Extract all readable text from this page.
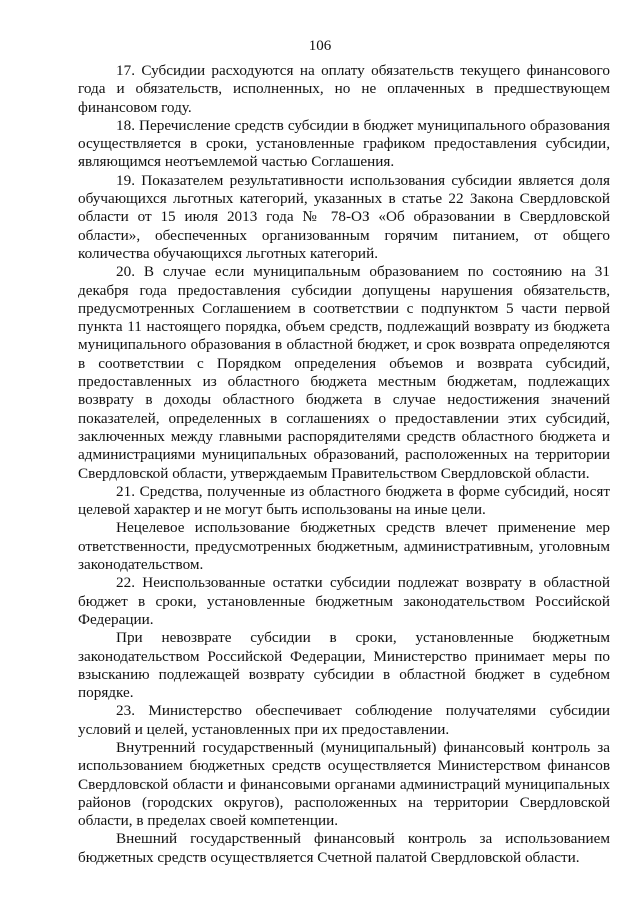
106

17. Субсидии расходуются на оплату обязательств текущего финансового года и обязательств, исполненных, но не оплаченных в предшествующем финансовом году.

18. Перечисление средств субсидии в бюджет муниципального образования осуществляется в сроки, установленные графиком предоставления субсидии, являющимся неотъемлемой частью Соглашения.

19. Показателем результативности использования субсидии является доля обучающихся льготных категорий, указанных в статье 22 Закона Свердловской области от 15 июля 2013 года № 78-ОЗ «Об образовании в Свердловской области», обеспеченных организованным горячим питанием, от общего количества обучающихся льготных категорий.

20. В случае если муниципальным образованием по состоянию на 31 декабря года предоставления субсидии допущены нарушения обязательств, предусмотренных Соглашением в соответствии с подпунктом 5 части первой пункта 11 настоящего порядка, объем средств, подлежащий возврату из бюджета муниципального образования в областной бюджет, и срок возврата определяются в соответствии с Порядком определения объемов и возврата субсидий, предоставленных из областного бюджета местным бюджетам, подлежащих возврату в доходы областного бюджета в случае недостижения значений показателей, определенных в соглашениях о предоставлении этих субсидий, заключенных между главными распорядителями средств областного бюджета и администрациями муниципальных образований, расположенных на территории Свердловской области, утверждаемым Правительством Свердловской области.

21. Средства, полученные из областного бюджета в форме субсидий, носят целевой характер и не могут быть использованы на иные цели.

Нецелевое использование бюджетных средств влечет применение мер ответственности, предусмотренных бюджетным, административным, уголовным законодательством.

22. Неиспользованные остатки субсидии подлежат возврату в областной бюджет в сроки, установленные бюджетным законодательством Российской Федерации.

При невозврате субсидии в сроки, установленные бюджетным законодательством Российской Федерации, Министерство принимает меры по взысканию подлежащей возврату субсидии в областной бюджет в судебном порядке.

23. Министерство обеспечивает соблюдение получателями субсидии условий и целей, установленных при их предоставлении.

Внутренний государственный (муниципальный) финансовый контроль за использованием бюджетных средств осуществляется Министерством финансов Свердловской области и финансовыми органами администраций муниципальных районов (городских округов), расположенных на территории Свердловской области, в пределах своей компетенции.

Внешний государственный финансовый контроль за использованием бюджетных средств осуществляется Счетной палатой Свердловской области.
